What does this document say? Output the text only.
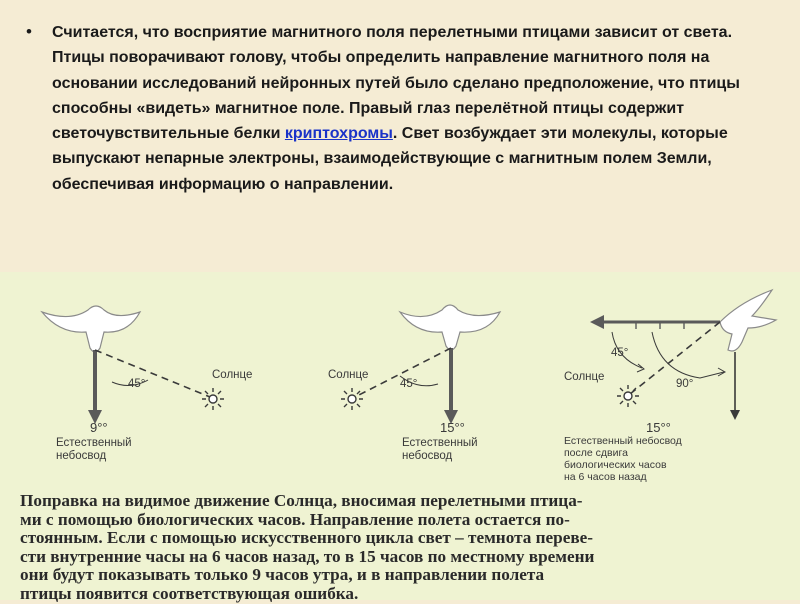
• Считается, что восприятие магнитного поля перелетными птицами зависит от света. Птицы поворачивают голову, чтобы определить направление магнитного поля на основании исследований нейронных путей было сделано предположение, что птицы способны «видеть» магнитное поле. Правый глаз перелётной птицы содержит светочувствительные белки криптохромы. Свет возбуждает эти молекулы, которые выпускают непарные электроны, взаимодействующие с магнитным полем Земли, обеспечивая информацию о направлении.
45°
Солнце
9°°
Естественный
небосвод
45°
Солнце
15°°
Естественный
небосвод
45°
90°
Солнце
15°°
Естественный небосвод
после сдвига
биологических часов
на 6 часов назад
Поправка на видимое движение Солнца, вносимая перелетными птица-
ми с помощью биологических часов. Направление полета остается по-
стоянным. Если с помощью искусственного цикла свет – темнота переве-
сти внутренние часы на 6 часов назад, то в 15 часов по местному времени
они будут показывать только 9 часов утра, и в направлении полета
птицы появится соответствующая ошибка.
